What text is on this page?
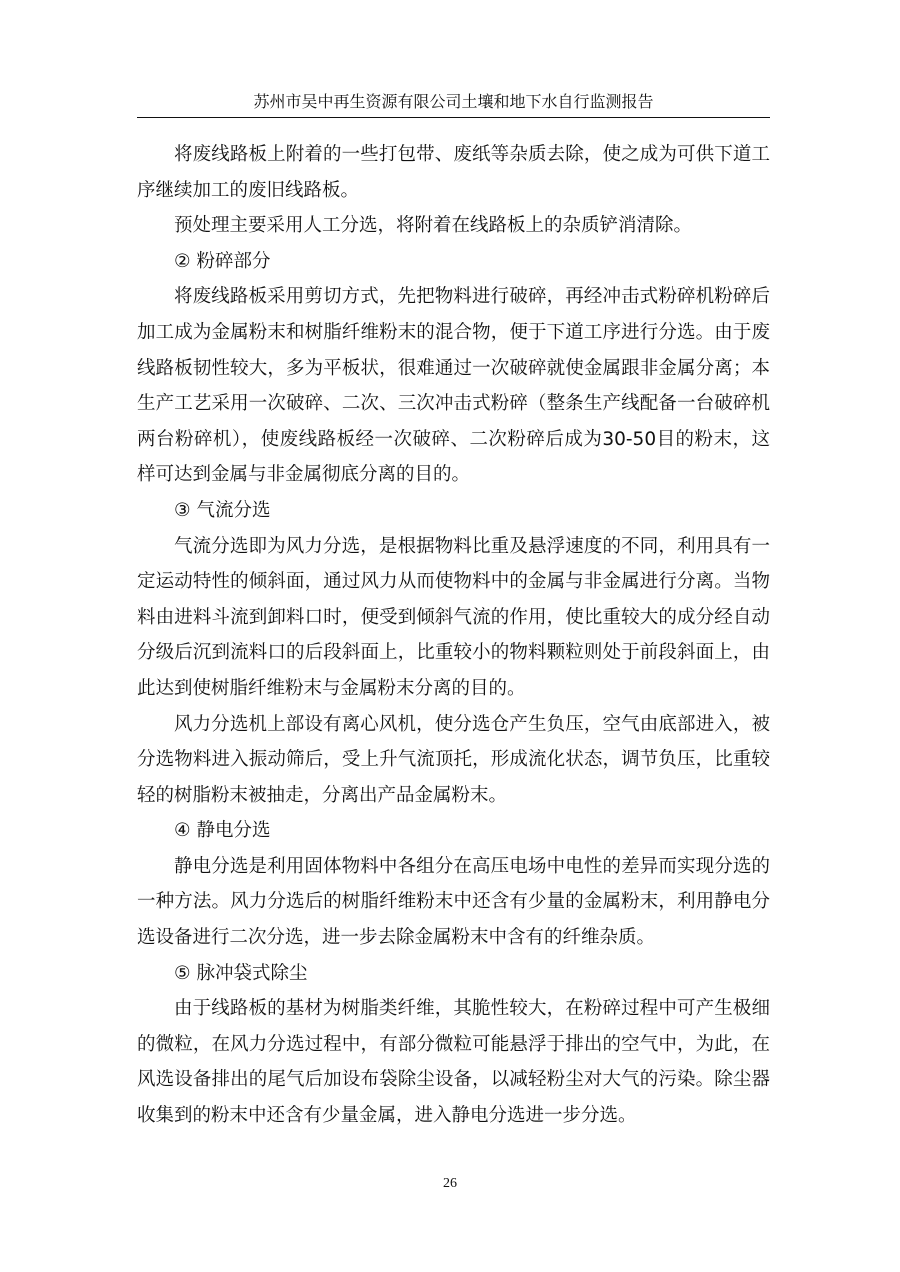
苏州市吴中再生资源有限公司土壤和地下水自行监测报告

将废线路板上附着的一些打包带、废纸等杂质去除，使之成为可供下道工序继续加工的废旧线路板。

预处理主要采用人工分选，将附着在线路板上的杂质铲消清除。

② 粉碎部分

将废线路板采用剪切方式，先把物料进行破碎，再经冲击式粉碎机粉碎后加工成为金属粉末和树脂纤维粉末的混合物，便于下道工序进行分选。由于废线路板韧性较大，多为平板状，很难通过一次破碎就使金属跟非金属分离；本生产工艺采用一次破碎、二次、三次冲击式粉碎（整条生产线配备一台破碎机两台粉碎机），使废线路板经一次破碎、二次粉碎后成为30-50目的粉末，这样可达到金属与非金属彻底分离的目的。

③ 气流分选

气流分选即为风力分选，是根据物料比重及悬浮速度的不同，利用具有一定运动特性的倾斜面，通过风力从而使物料中的金属与非金属进行分离。当物料由进料斗流到卸料口时，便受到倾斜气流的作用，使比重较大的成分经自动分级后沉到流料口的后段斜面上，比重较小的物料颗粒则处于前段斜面上，由此达到使树脂纤维粉末与金属粉末分离的目的。

风力分选机上部设有离心风机，使分选仓产生负压，空气由底部进入，被分选物料进入振动筛后，受上升气流顶托，形成流化状态，调节负压，比重较轻的树脂粉末被抽走，分离出产品金属粉末。

④ 静电分选

静电分选是利用固体物料中各组分在高压电场中电性的差异而实现分选的一种方法。风力分选后的树脂纤维粉末中还含有少量的金属粉末，利用静电分选设备进行二次分选，进一步去除金属粉末中含有的纤维杂质。

⑤ 脉冲袋式除尘

由于线路板的基材为树脂类纤维，其脆性较大，在粉碎过程中可产生极细的微粒，在风力分选过程中，有部分微粒可能悬浮于排出的空气中，为此，在风选设备排出的尾气后加设布袋除尘设备，以减轻粉尘对大气的污染。除尘器收集到的粉末中还含有少量金属，进入静电分选进一步分选。

26
